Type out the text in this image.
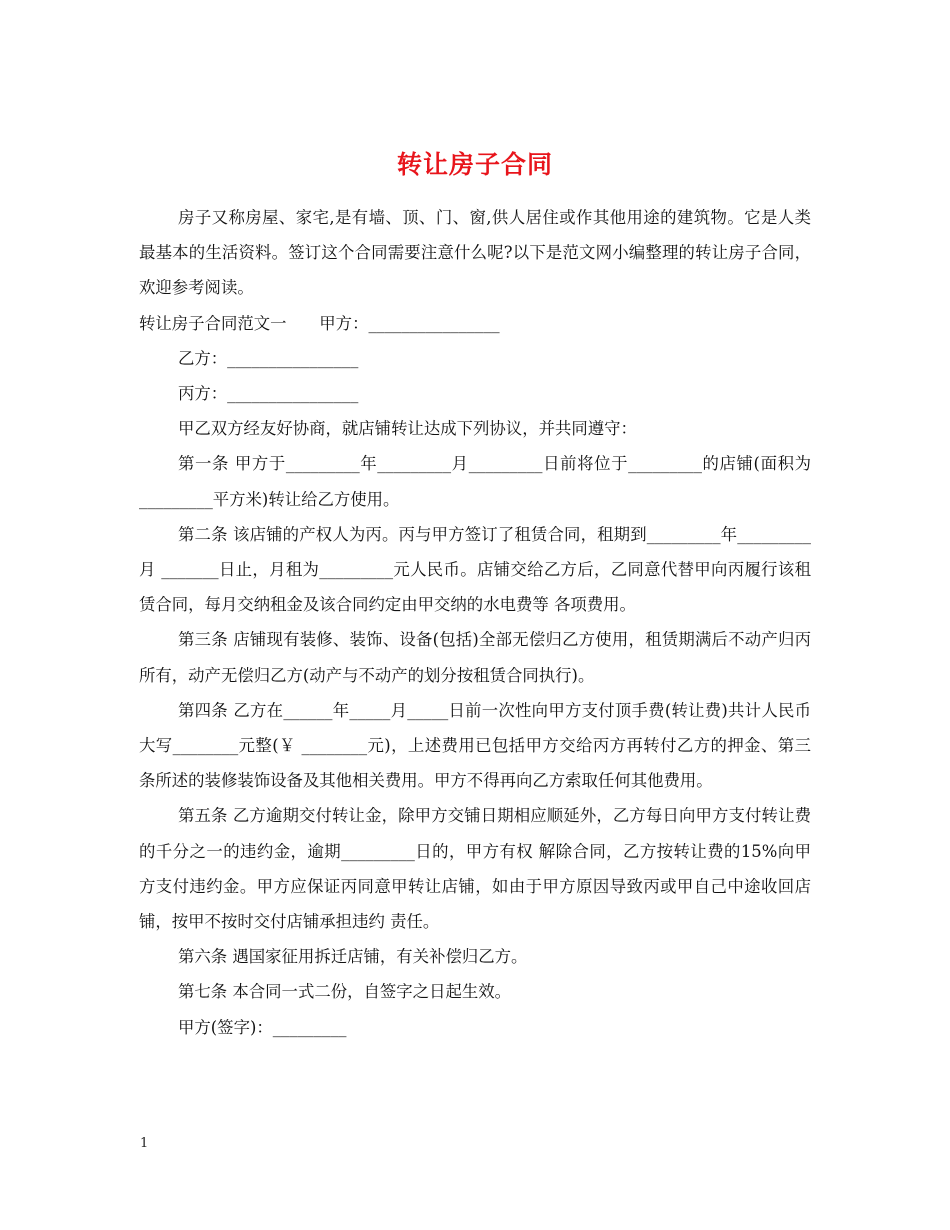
转让房子合同

房子又称房屋、家宅,是有墙、顶、门、窗,供人居住或作其他用途的建筑物。它是人类最基本的生活资料。签订这个合同需要注意什么呢?以下是范文网小编整理的转让房子合同，欢迎参考阅读。

转让房子合同范文一　　甲方：________________

乙方：________________

丙方：________________

甲乙双方经友好协商，就店铺转让达成下列协议，并共同遵守：

第一条 甲方于_________年_________月_________日前将位于_________的店铺(面积为_________平方米)转让给乙方使用。

第二条 该店铺的产权人为丙。丙与甲方签订了租赁合同，租期到_________年_________月 _______日止，月租为_________元人民币。店铺交给乙方后，乙同意代替甲向丙履行该租赁合同，每月交纳租金及该合同约定由甲交纳的水电费等 各项费用。

第三条 店铺现有装修、装饰、设备(包括)全部无偿归乙方使用，租赁期满后不动产归丙所有，动产无偿归乙方(动产与不动产的划分按租赁合同执行)。

第四条 乙方在______年_____月_____日前一次性向甲方支付顶手费(转让费)共计人民币大写________元整(￥ ________元)，上述费用已包括甲方交给丙方再转付乙方的押金、第三条所述的装修装饰设备及其他相关费用。甲方不得再向乙方索取任何其他费用。

第五条 乙方逾期交付转让金，除甲方交铺日期相应顺延外，乙方每日向甲方支付转让费的千分之一的违约金，逾期_________日的，甲方有权 解除合同，乙方按转让费的15%向甲方支付违约金。甲方应保证丙同意甲转让店铺，如由于甲方原因导致丙或甲自己中途收回店铺，按甲不按时交付店铺承担违约 责任。

第六条 遇国家征用拆迁店铺，有关补偿归乙方。

第七条 本合同一式二份，自签字之日起生效。

甲方(签字)：_________

1
